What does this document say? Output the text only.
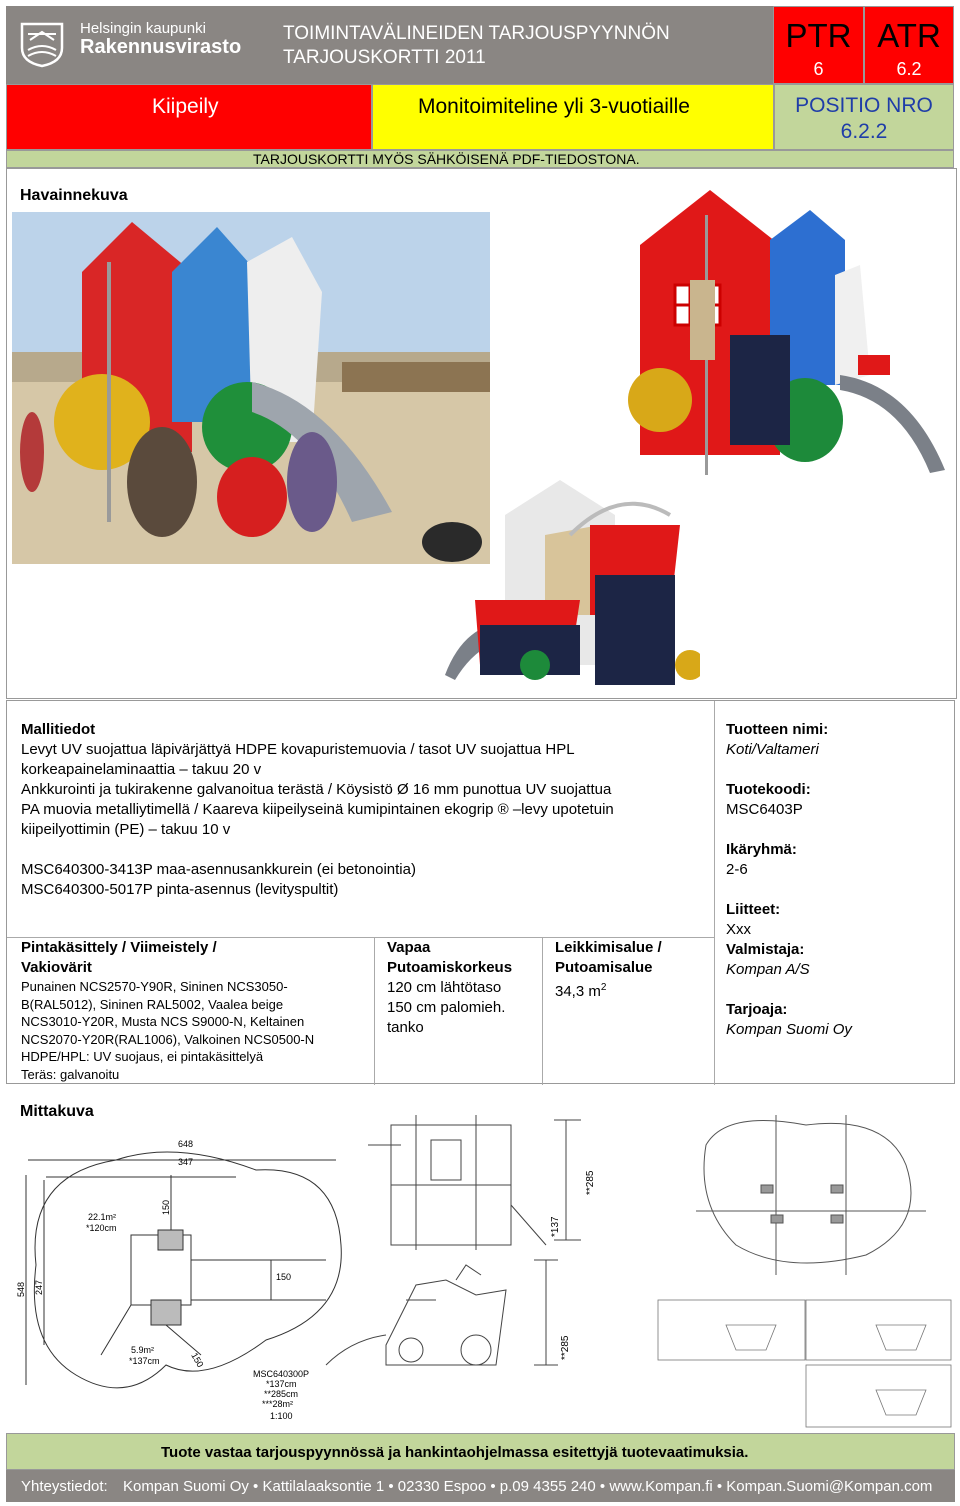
Helsingin kaupunki
Rakennusvirasto
TOIMINTAVÄLINEIDEN TARJOUSPYYNNÖN
TARJOUSKORTTI 2011
PTR
6
ATR
6.2
Kiipeily	Monitoimiteline yli 3-vuotiaille	POSITIO NRO
6.2.2
TARJOUSKORTTI MYÖS SÄHKÖISENÄ PDF-TIEDOSTONA.
Havainnekuva
Mallitiedot
Levyt UV suojattua läpivärjättyä HDPE kovapuristemuovia / tasot UV suojattua HPL
korkeapainelaminaattia – takuu 20 v
Ankkurointi ja tukirakenne galvanoitua terästä / Köysistö Ø 16 mm punottua UV suojattua
PA muovia metalliytimellä / Kaareva kiipeilyseinä kumipintainen ekogrip ® –levy upotetuin
kiipeilyottimin (PE) – takuu 10 v
MSC640300-3413P maa-asennusankkurein (ei betonointia)
MSC640300-5017P pinta-asennus (levityspultit)
Pintakäsittely / Viimeistely /
Vakiovärit
Punainen NCS2570-Y90R, Sininen NCS3050-
B(RAL5012), Sininen RAL5002, Vaalea beige
NCS3010-Y20R, Musta NCS S9000-N, Keltainen
NCS2070-Y20R(RAL1006), Valkoinen NCS0500-N
HDPE/HPL: UV suojaus, ei pintakäsittelyä
Teräs: galvanoitu
Vapaa
Putoamiskorkeus
120 cm lähtötaso
150 cm palomieh.
tanko
Leikkimisalue /
Putoamisalue
34,3 $m^2$
Tuotteen nimi:
Koti/Valtameri
Tuotekoodi:
MSC6403P
Ikäryhmä:
2-6
Liitteet:
Xxx
Valmistaja:
Kompan A/S
Tarjoaja:
Kompan Suomi Oy
648
347
150
548 247
150
150
22.1m²
*120cm
5.9m²
*137cm
MSC640300P
*137cm
**285cm
***28m²
1:100
*137
**285
**285
Mittakuva
Tuote vastaa tarjouspyynnössä ja hankintaohjelmassa esitettyjä tuotevaatimuksia.
Yhteystiedot: Kompan Suomi Oy • Kattilalaaksontie 1 • 02330 Espoo • p.09 4355 240 • www.Kompan.fi • Kompan.Suomi@Kompan.com
